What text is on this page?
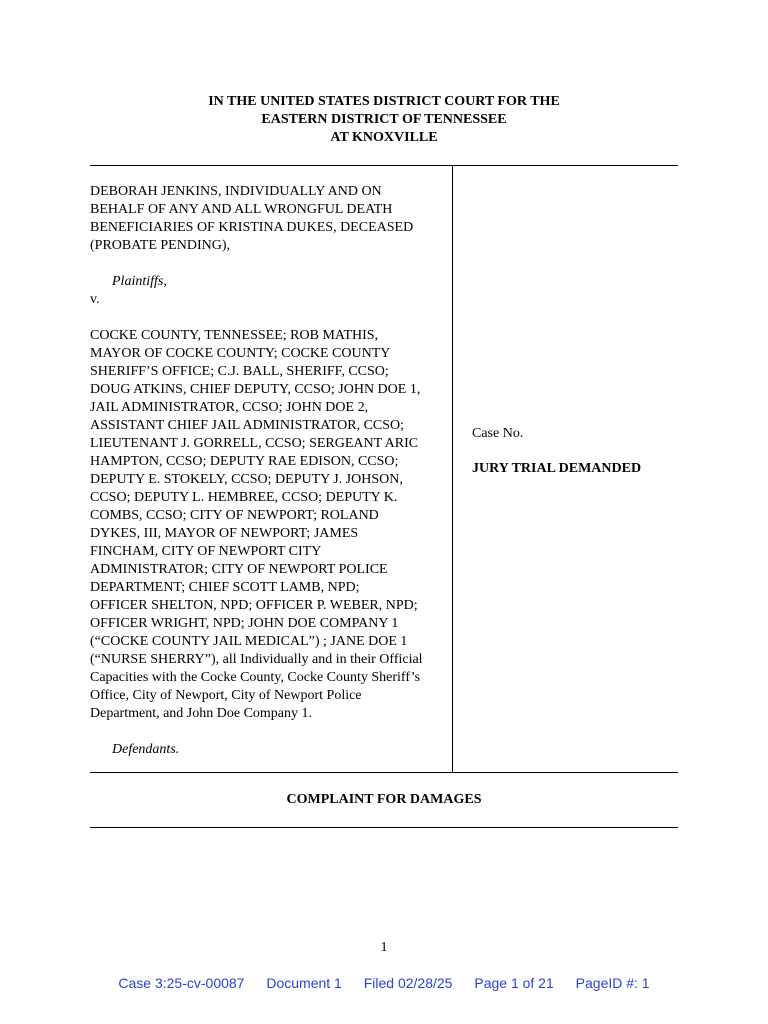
IN THE UNITED STATES DISTRICT COURT FOR THE
EASTERN DISTRICT OF TENNESSEE
AT KNOXVILLE

DEBORAH JENKINS, INDIVIDUALLY AND ON

BEHALF OF ANY AND ALL WRONGFUL DEATH

BENEFICIARIES OF KRISTINA DUKES, DECEASED

(PROBATE PENDING),

Plaintiffs,

v.

COCKE COUNTY, TENNESSEE; ROB MATHIS,

MAYOR OF COCKE COUNTY; COCKE COUNTY

SHERIFF’S OFFICE; C.J. BALL, SHERIFF, CCSO;

DOUG ATKINS, CHIEF DEPUTY, CCSO; JOHN DOE 1,

JAIL ADMINISTRATOR, CCSO; JOHN DOE 2,

ASSISTANT CHIEF JAIL ADMINISTRATOR, CCSO;

LIEUTENANT J. GORRELL, CCSO; SERGEANT ARIC

HAMPTON, CCSO; DEPUTY RAE EDISON, CCSO;

DEPUTY E. STOKELY, CCSO; DEPUTY J. JOHSON,

CCSO; DEPUTY L. HEMBREE, CCSO; DEPUTY K.

COMBS, CCSO; CITY OF NEWPORT; ROLAND

DYKES, III, MAYOR OF NEWPORT; JAMES

FINCHAM, CITY OF NEWPORT CITY

ADMINISTRATOR; CITY OF NEWPORT POLICE

DEPARTMENT; CHIEF SCOTT LAMB, NPD;

OFFICER SHELTON, NPD; OFFICER P. WEBER, NPD;

OFFICER WRIGHT, NPD; JOHN DOE COMPANY 1

(“COCKE COUNTY JAIL MEDICAL”) ; JANE DOE 1

(“NURSE SHERRY”), all Individually and in their Official

Capacities with the Cocke County, Cocke County Sheriff’s

Office, City of Newport, City of Newport Police

Department, and John Doe Company 1.

Defendants.

Case No.
JURY TRIAL DEMANDED
COMPLAINT FOR DAMAGES
1
Case 3:25-cv-00087 Document 1 Filed 02/28/25 Page 1 of 21 PageID #: 1
